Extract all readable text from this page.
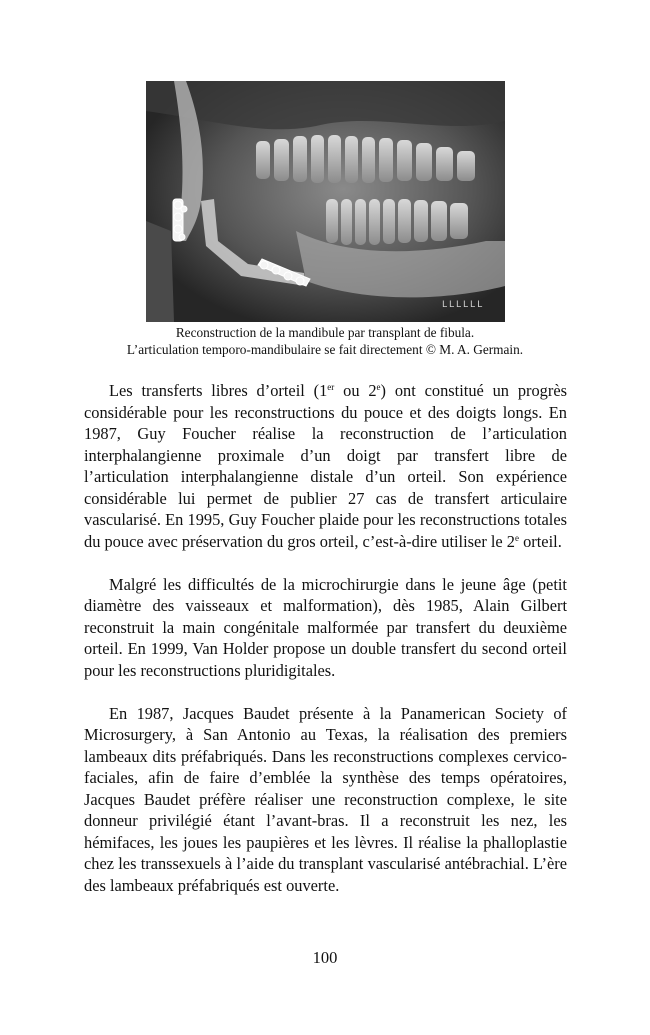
LLLLLL
Reconstruction de la mandibule par transplant de fibula.
L’articulation temporo-mandibulaire se fait directement © M. A. Germain.

Les transferts libres d’orteil (1er ou 2e) ont constitué un progrès considérable pour les reconstructions du pouce et des doigts longs. En 1987, Guy Foucher réalise la reconstruction de l’articulation interphalangienne proximale d’un doigt par transfert libre de l’articulation interphalangienne distale d’un orteil. Son expérience considérable lui permet de publier 27 cas de transfert articulaire vascularisé. En 1995, Guy Foucher plaide pour les reconstructions totales du pouce avec préservation du gros orteil, c’est-à-dire utiliser le 2e orteil.

Malgré les difficultés de la microchirurgie dans le jeune âge (petit diamètre des vaisseaux et malformation), dès 1985, Alain Gilbert reconstruit la main congénitale malformée par transfert du deuxième orteil. En 1999, Van Holder propose un double transfert du second orteil pour les reconstructions pluridigitales.

En 1987, Jacques Baudet présente à la Panamerican Society of Microsurgery, à San Antonio au Texas, la réalisation des premiers lambeaux dits préfabriqués. Dans les reconstructions complexes cervico-faciales, afin de faire d’emblée la synthèse des temps opératoires, Jacques Baudet préfère réaliser une reconstruction complexe, le site donneur privilégié étant l’avant-bras. Il a reconstruit les nez, les hémifaces, les joues les paupières et les lèvres. Il réalise la phalloplastie chez les transsexuels à l’aide du transplant vascularisé antébrachial. L’ère des lambeaux préfabriqués est ouverte.

100
